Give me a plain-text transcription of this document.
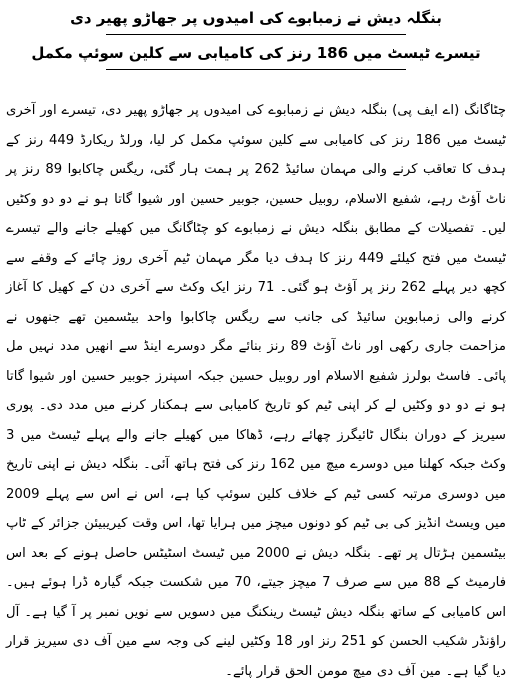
بنگلہ دیش نے زمبابوے کی امیدوں پر جھاڑو پھیر دی
تیسرے ٹیسٹ میں 186 رنز کی کامیابی سے کلین سوئپ مکمل

چٹاگانگ (اے ایف پی) بنگلہ دیش نے زمبابوے کی امیدوں پر جھاڑو پھیر دی، تیسرے اور آخری ٹیسٹ میں 186 رنز کی کامیابی سے کلین سوئپ مکمل کر لیا، ورلڈ ریکارڈ 449 رنز کے ہدف کا تعاقب کرنے والی مہمان سائیڈ 262 پر ہمت ہار گئی، ریگس چاکابوا 89 رنز پر ناٹ آؤٹ رہے، شفیع الاسلام، روبیل حسین، جوبیر حسین اور شیوا گاتا ہو نے دو دو وکٹیں لیں۔ تفصیلات کے مطابق بنگلہ دیش نے زمبابوے کو چٹاگانگ میں کھیلے جانے والے تیسرے ٹیسٹ میں فتح کیلئے 449 رنز کا ہدف دیا مگر مہمان ٹیم آخری روز چائے کے وقفے سے کچھ دیر پہلے 262 رنز پر آؤٹ ہو گئی۔ 71 رنز ایک وکٹ سے آخری دن کے کھیل کا آغاز کرنے والی زمبابوین سائیڈ کی جانب سے ریگس چاکابوا واحد بیٹسمین تھے جنھوں نے مزاحمت جاری رکھی اور ناٹ آؤٹ 89 رنز بنائے مگر دوسرے اینڈ سے انھیں مدد نہیں مل پائی۔ فاسٹ بولرز شفیع الاسلام اور روبیل حسین جبکہ اسپنرز جوبیر حسین اور شیوا گاتا ہو نے دو دو وکٹیں لے کر اپنی ٹیم کو تاریخ کامیابی سے ہمکنار کرنے میں مدد دی۔ پوری سیریز کے دوران بنگال ٹائیگرز چھائے رہے، ڈھاکا میں کھیلے جانے والے پہلے ٹیسٹ میں 3 وکٹ جبکہ کھلنا میں دوسرے میچ میں 162 رنز کی فتح ہاتھ آئی۔ بنگلہ دیش نے اپنی تاریخ میں دوسری مرتبہ کسی ٹیم کے خلاف کلین سوئپ کیا ہے، اس نے اس سے پہلے 2009 میں ویسٹ انڈیز کی بی ٹیم کو دونوں میچز میں ہرایا تھا، اس وقت کیریبیئن جزائر کے ٹاپ بیٹسمین ہڑتال پر تھے۔ بنگلہ دیش نے 2000 میں ٹیسٹ اسٹیٹس حاصل ہونے کے بعد اس فارمیٹ کے 88 میں سے صرف 7 میچز جیتے، 70 میں شکست جبکہ گیارہ ڈرا ہوئے ہیں۔ اس کامیابی کے ساتھ بنگلہ دیش ٹیسٹ رینکنگ میں دسویں سے نویں نمبر پر آ گیا ہے۔ آل راؤنڈر شکیب الحسن کو 251 رنز اور 18 وکٹیں لینے کی وجہ سے مین آف دی سیریز قرار دیا گیا ہے۔ مین آف دی میچ مومن الحق قرار پائے۔
